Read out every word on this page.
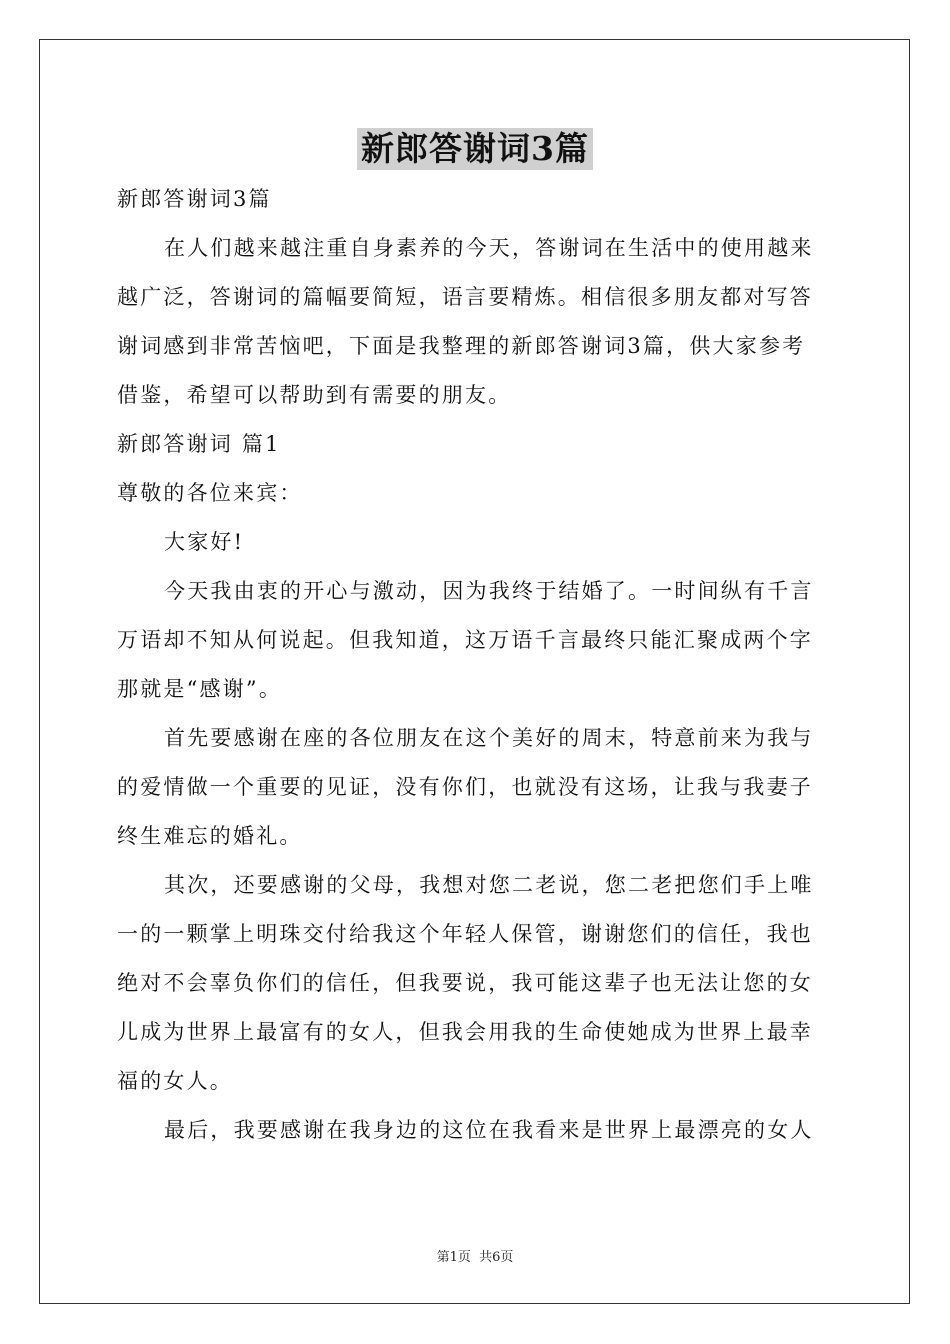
新郎答谢词3篇
新郎答谢词3篇
在人们越来越注重自身素养的今天，答谢词在生活中的使用越来
越广泛，答谢词的篇幅要简短，语言要精炼。相信很多朋友都对写答
谢词感到非常苦恼吧，下面是我整理的新郎答谢词3篇，供大家参考
借鉴，希望可以帮助到有需要的朋友。
新郎答谢词 篇1
尊敬的各位来宾：
大家好!
今天我由衷的开心与激动，因为我终于结婚了。一时间纵有千言
万语却不知从何说起。但我知道，这万语千言最终只能汇聚成两个字
那就是“感谢”。
首先要感谢在座的各位朋友在这个美好的周末，特意前来为我与
的爱情做一个重要的见证，没有你们，也就没有这场，让我与我妻子
终生难忘的婚礼。
其次，还要感谢的父母，我想对您二老说，您二老把您们手上唯
一的一颗掌上明珠交付给我这个年轻人保管，谢谢您们的信任，我也
绝对不会辜负你们的信任，但我要说，我可能这辈子也无法让您的女
儿成为世界上最富有的女人，但我会用我的生命使她成为世界上最幸
福的女人。
最后，我要感谢在我身边的这位在我看来是世界上最漂亮的女人
第1页 共6页
